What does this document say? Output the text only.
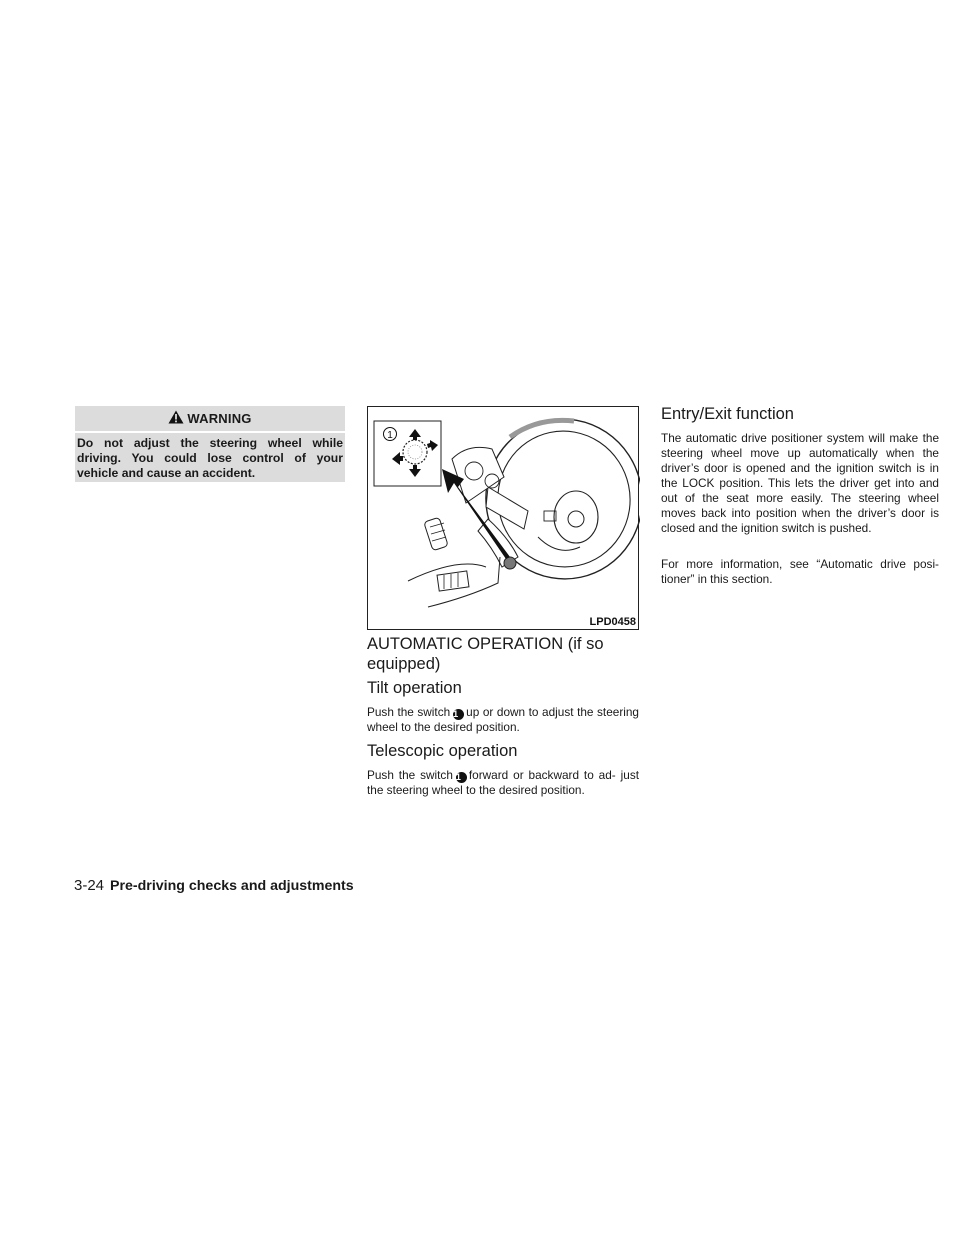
WARNING
Do not adjust the steering wheel while driving. You could lose control of your vehicle and cause an accident.
1
LPD0458
AUTOMATIC OPERATION (if so equipped)
Tilt operation
Push the switch 1 up or down to adjust the steering wheel to the desired position.
Telescopic operation
Push the switch 1 forward or backward to ad- just the steering wheel to the desired position.
Entry/Exit function
The automatic drive positioner system will make the steering wheel move up automatically when the driver’s door is opened and the ignition switch is in the LOCK position. This lets the driver get into and out of the seat more easily. The steering wheel moves back into position when the driver’s door is closed and the ignition switch is pushed.
For more information, see “Automatic drive posi- tioner” in this section.
3-24 Pre-driving checks and adjustments
